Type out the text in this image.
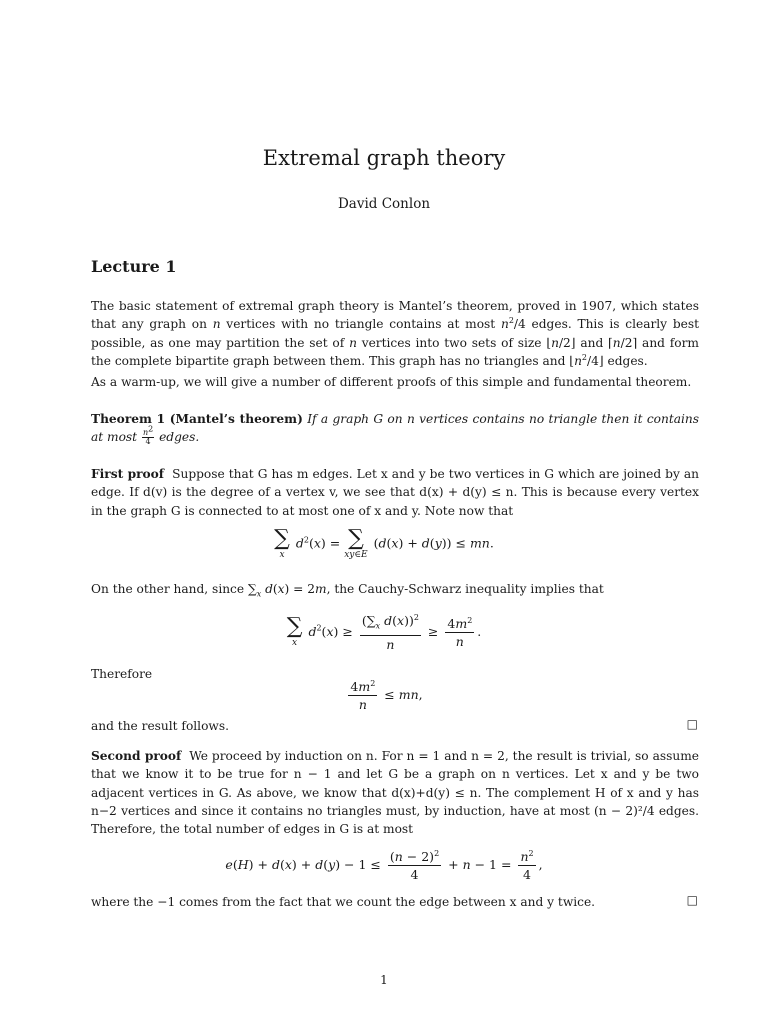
Extremal graph theory
David Conlon
Lecture 1
The basic statement of extremal graph theory is Mantel’s theorem, proved in 1907, which states that any graph on n vertices with no triangle contains at most $n^2/4$ edges. This is clearly best possible, as one may partition the set of n vertices into two sets of size ⌊n/2⌋ and ⌈n/2⌉ and form the complete bipartite graph between them. This graph has no triangles and $⌊n^2/4⌋$ edges.
As a warm-up, we will give a number of different proofs of this simple and fundamental theorem.
Theorem 1 (Mantel’s theorem) If a graph G on n vertices contains no triangle then it contains at most $\frac{n^2}{4}$ edges.
First proof Suppose that G has m edges. Let x and y be two vertices in G which are joined by an edge. If d(v) is the degree of a vertex v, we see that d(x) + d(y) ≤ n. This is because every vertex in the graph G is connected to at most one of x and y. Note now that
∑
x
$d^2(x)$ = ∑
xy∈E
(d(x) + d(y)) ≤ mn.
On the other hand, since $\sum_x$ d(x) = 2m, the Cauchy-Schwarz inequality implies that
∑
x
$d^2(x) \ge \frac{(\sum_x d(x))^2}{n} \ge \frac{4m^2}{n}$ .
Therefore
$\frac{4m^2}{n}$ ≤ mn,
and the result follows.	□
Second proof We proceed by induction on n. For n = 1 and n = 2, the result is trivial, so assume that we know it to be true for n − 1 and let G be a graph on n vertices. Let x and y be two adjacent vertices in G. As above, we know that d(x)+d(y) ≤ n. The complement H of x and y has n−2 vertices and since it contains no triangles must, by induction, have at most (n − 2)²/4 edges. Therefore, the total number of edges in G is at most
$e(H) + d(x) + d(y) - 1 \le \frac{(n - 2)^2}{4} + n - 1 = \frac{n^2}{4}$ ,
where the −1 comes from the fact that we count the edge between x and y twice.	□
1
